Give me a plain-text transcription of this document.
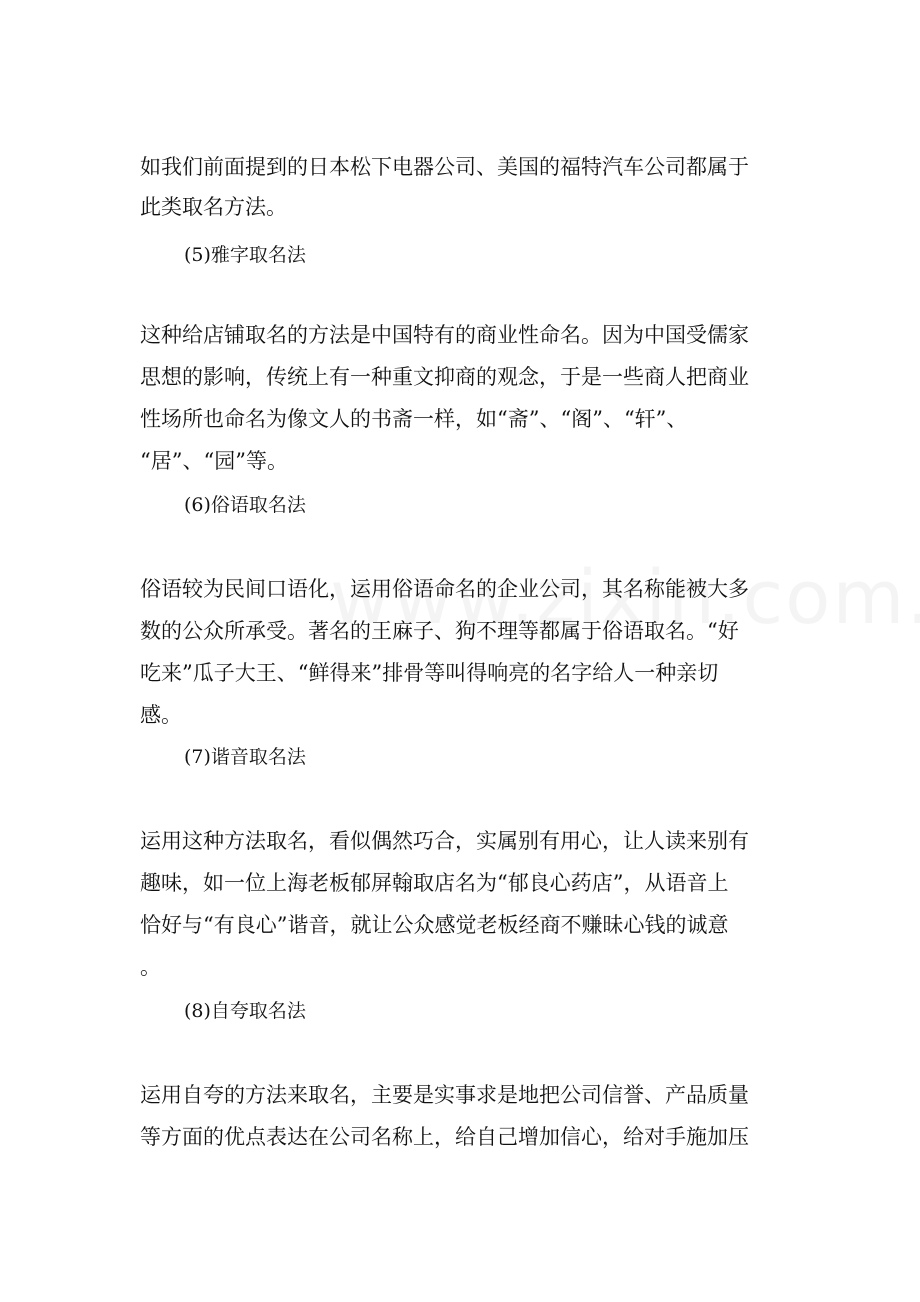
如我们前面提到的日本松下电器公司、美国的福特汽车公司都属于
此类取名方法。
(5)雅字取名法
这种给店铺取名的方法是中国特有的商业性命名。因为中国受儒家
思想的影响，传统上有一种重文抑商的观念，于是一些商人把商业
性场所也命名为像文人的书斋一样，如“斋”、“阁”、“轩”、
“居”、“园”等。
(6)俗语取名法
俗语较为民间口语化，运用俗语命名的企业公司，其名称能被大多
数的公众所承受。著名的王麻子、狗不理等都属于俗语取名。“好
吃来”瓜子大王、“鲜得来”排骨等叫得响亮的名字给人一种亲切
感。
(7)谐音取名法
运用这种方法取名，看似偶然巧合，实属别有用心，让人读来别有
趣味，如一位上海老板郁屏翰取店名为“郁良心药店”，从语音上
恰好与“有良心”谐音，就让公众感觉老板经商不赚昧心钱的诚意
。
(8)自夸取名法
运用自夸的方法来取名，主要是实事求是地把公司信誉、产品质量
等方面的优点表达在公司名称上，给自己增加信心，给对手施加压
